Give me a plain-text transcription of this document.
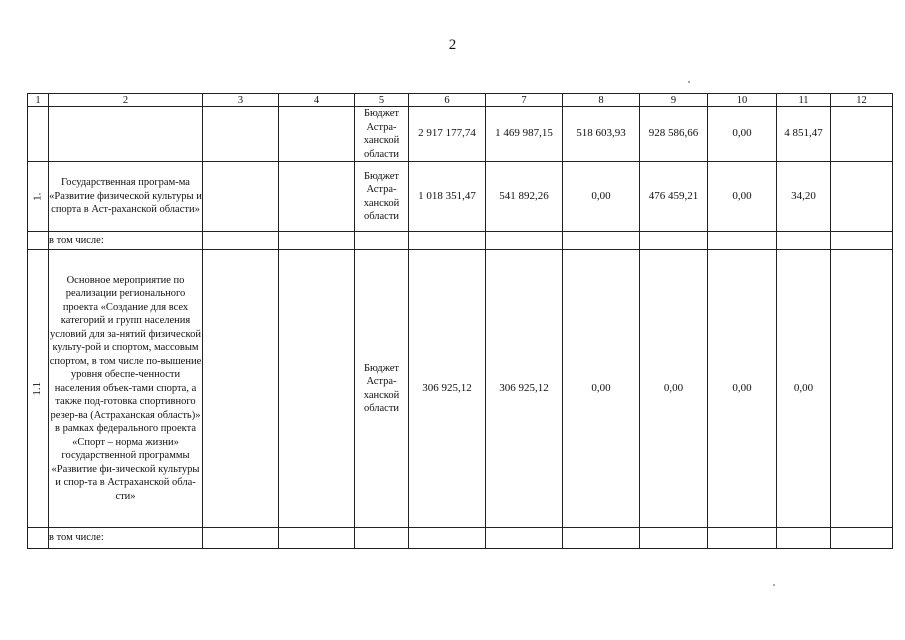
2
1	2	3	4	5	6	7	8	9	10	11	12
				Бюджет Астра-ханской области	2 917 177,74	1 469 987,15	518 603,93	928 586,66	0,00	4 851,47	
1.	Государственная програм-ма «Развитие физической культуры и спорта в Аст-раханской области»			Бюджет Астра-ханской области	1 018 351,47	541 892,26	0,00	476 459,21	0,00	34,20	
	в том числе:										
1.1	Основное мероприятие по реализации регионального проекта «Создание для всех категорий и групп населения условий для за-нятий физической культу-рой и спортом, массовым спортом, в том числе по-вышение уровня обеспе-ченности населения объек-тами спорта, а также под-готовка спортивного резер-ва (Астраханская область)» в рамках федерального проекта «Спорт – норма жизни» государственной программы «Развитие фи-зической культуры и спор-та в Астраханской обла-сти»			Бюджет Астра-ханской области	306 925,12	306 925,12	0,00	0,00	0,00	0,00	
	в том числе:										
